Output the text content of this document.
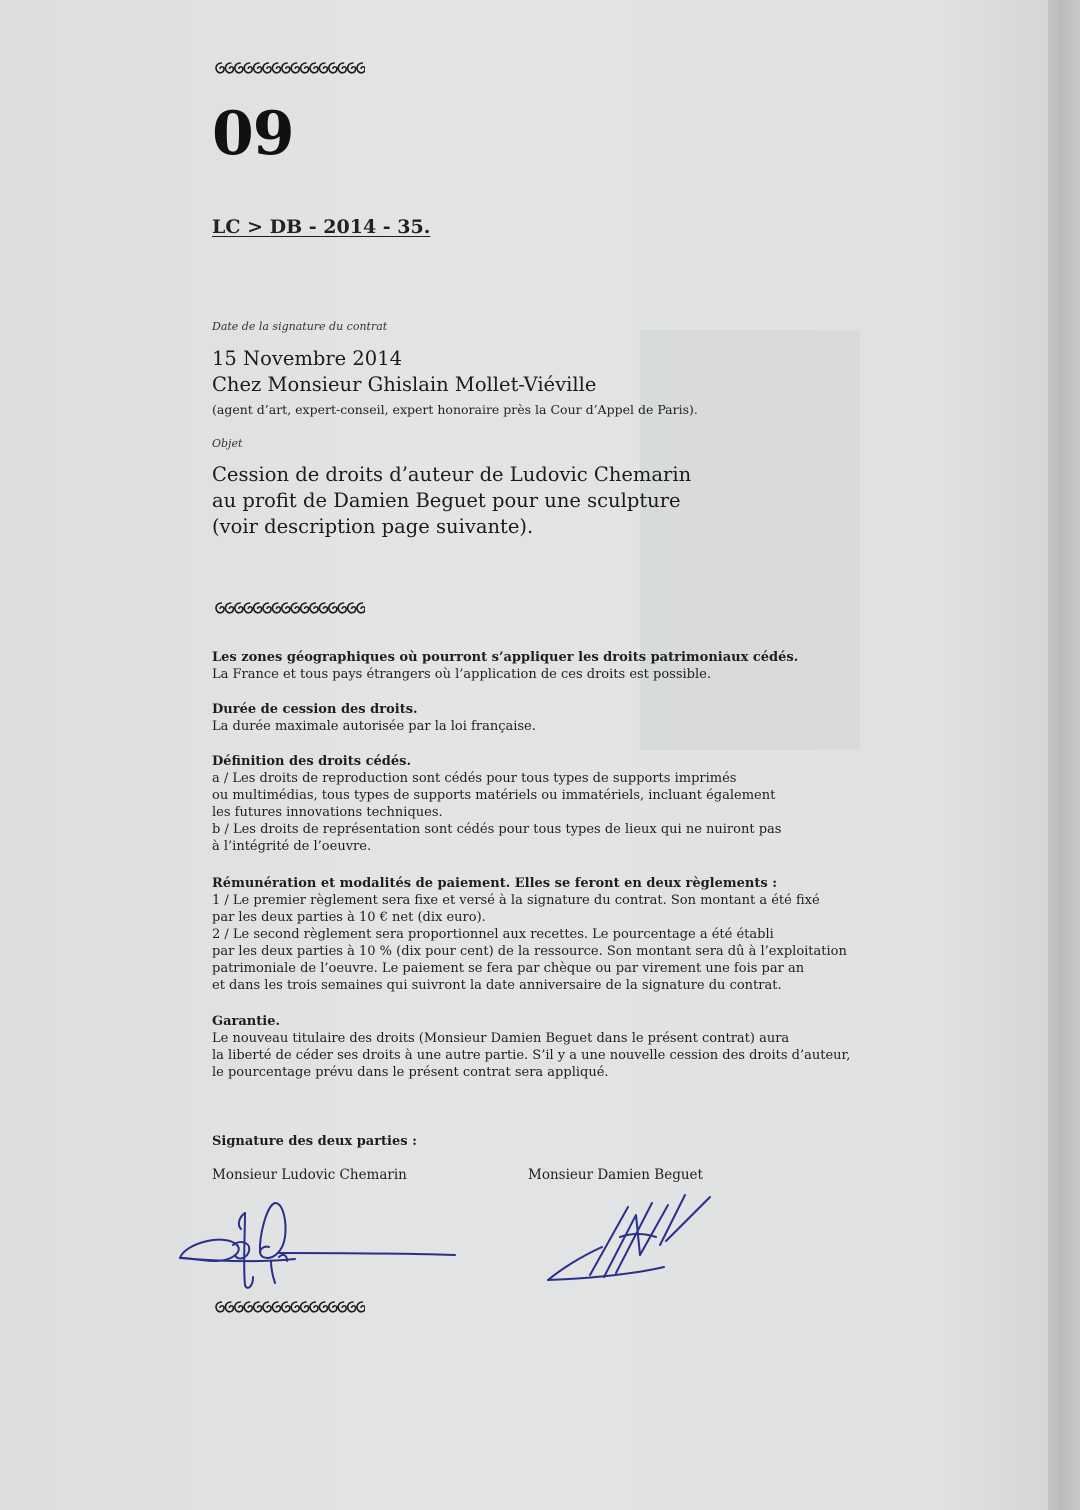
09
LC > DB - 2014 - 35.
Date de la signature du contrat
15 Novembre 2014
Chez Monsieur Ghislain Mollet-Viéville
(agent d’art, expert-conseil, expert honoraire près la Cour d’Appel de Paris).
Objet
Cession de droits d’auteur de Ludovic Chemarin
au profit de Damien Beguet pour une sculpture
(voir description page suivante).
Les zones géographiques où pourront s’appliquer les droits patrimoniaux cédés.
La France et tous pays étrangers où l’application de ces droits est possible.
Durée de cession des droits.
La durée maximale autorisée par la loi française.
Définition des droits cédés.
a / Les droits de reproduction sont cédés pour tous types de supports imprimés
ou multimédias, tous types de supports matériels ou immatériels, incluant également
les futures innovations techniques.
b / Les droits de représentation sont cédés pour tous types de lieux qui ne nuiront pas
à l’intégrité de l’oeuvre.
Rémunération et modalités de paiement. Elles se feront en deux règlements :
1 / Le premier règlement sera fixe et versé à la signature du contrat. Son montant a été fixé
par les deux parties à 10 € net (dix euro).
2 / Le second règlement sera proportionnel aux recettes. Le pourcentage a été établi
par les deux parties à 10 % (dix pour cent) de la ressource. Son montant sera dû à l’exploitation
patrimoniale de l’oeuvre. Le paiement se fera par chèque ou par virement une fois par an
et dans les trois semaines qui suivront la date anniversaire de la signature du contrat.
Garantie.
Le nouveau titulaire des droits (Monsieur Damien Beguet dans le présent contrat) aura
la liberté de céder ses droits à une autre partie. S’il y a une nouvelle cession des droits d’auteur,
le pourcentage prévu dans le présent contrat sera appliqué.
Signature des deux parties :
Monsieur Ludovic Chemarin	Monsieur Damien Beguet
